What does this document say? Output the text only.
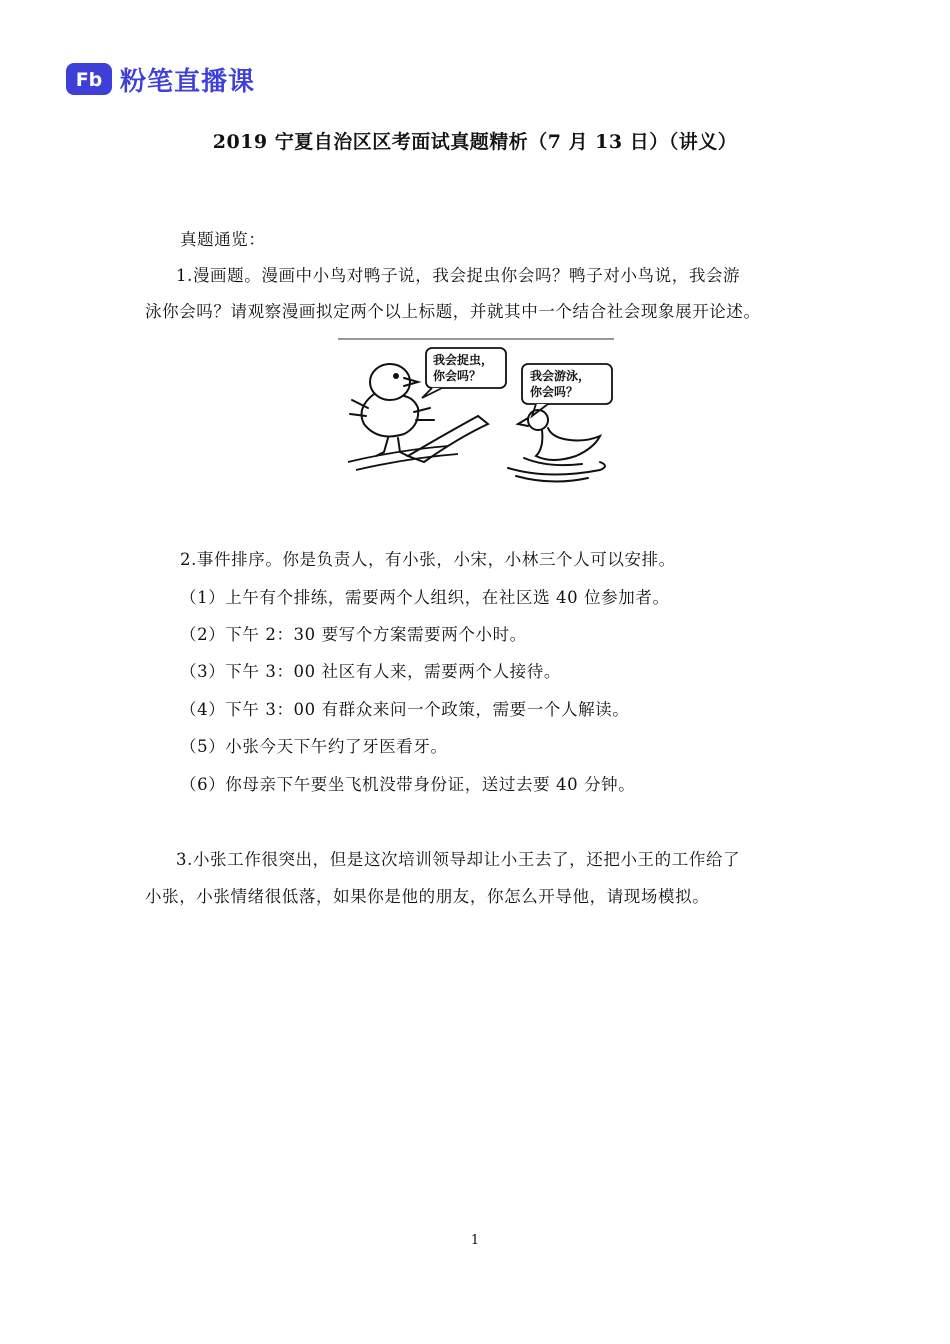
Fb 粉笔直播课
2019 宁夏自治区区考面试真题精析（7 月 13 日）（讲义）
真题通览：
1.漫画题。漫画中小鸟对鸭子说，我会捉虫你会吗？鸭子对小鸟说，我会游
泳你会吗？请观察漫画拟定两个以上标题，并就其中一个结合社会现象展开论述。
我会捉虫，
你会吗？	我会游泳，
你会吗？
2.事件排序。你是负责人，有小张，小宋，小林三个人可以安排。
（1）上午有个排练，需要两个人组织，在社区选 40 位参加者。
（2）下午 2：30 要写个方案需要两个小时。
（3）下午 3：00 社区有人来，需要两个人接待。
（4）下午 3：00 有群众来问一个政策，需要一个人解读。
（5）小张今天下午约了牙医看牙。
（6）你母亲下午要坐飞机没带身份证，送过去要 40 分钟。
3.小张工作很突出，但是这次培训领导却让小王去了，还把小王的工作给了
小张，小张情绪很低落，如果你是他的朋友，你怎么开导他，请现场模拟。
1
